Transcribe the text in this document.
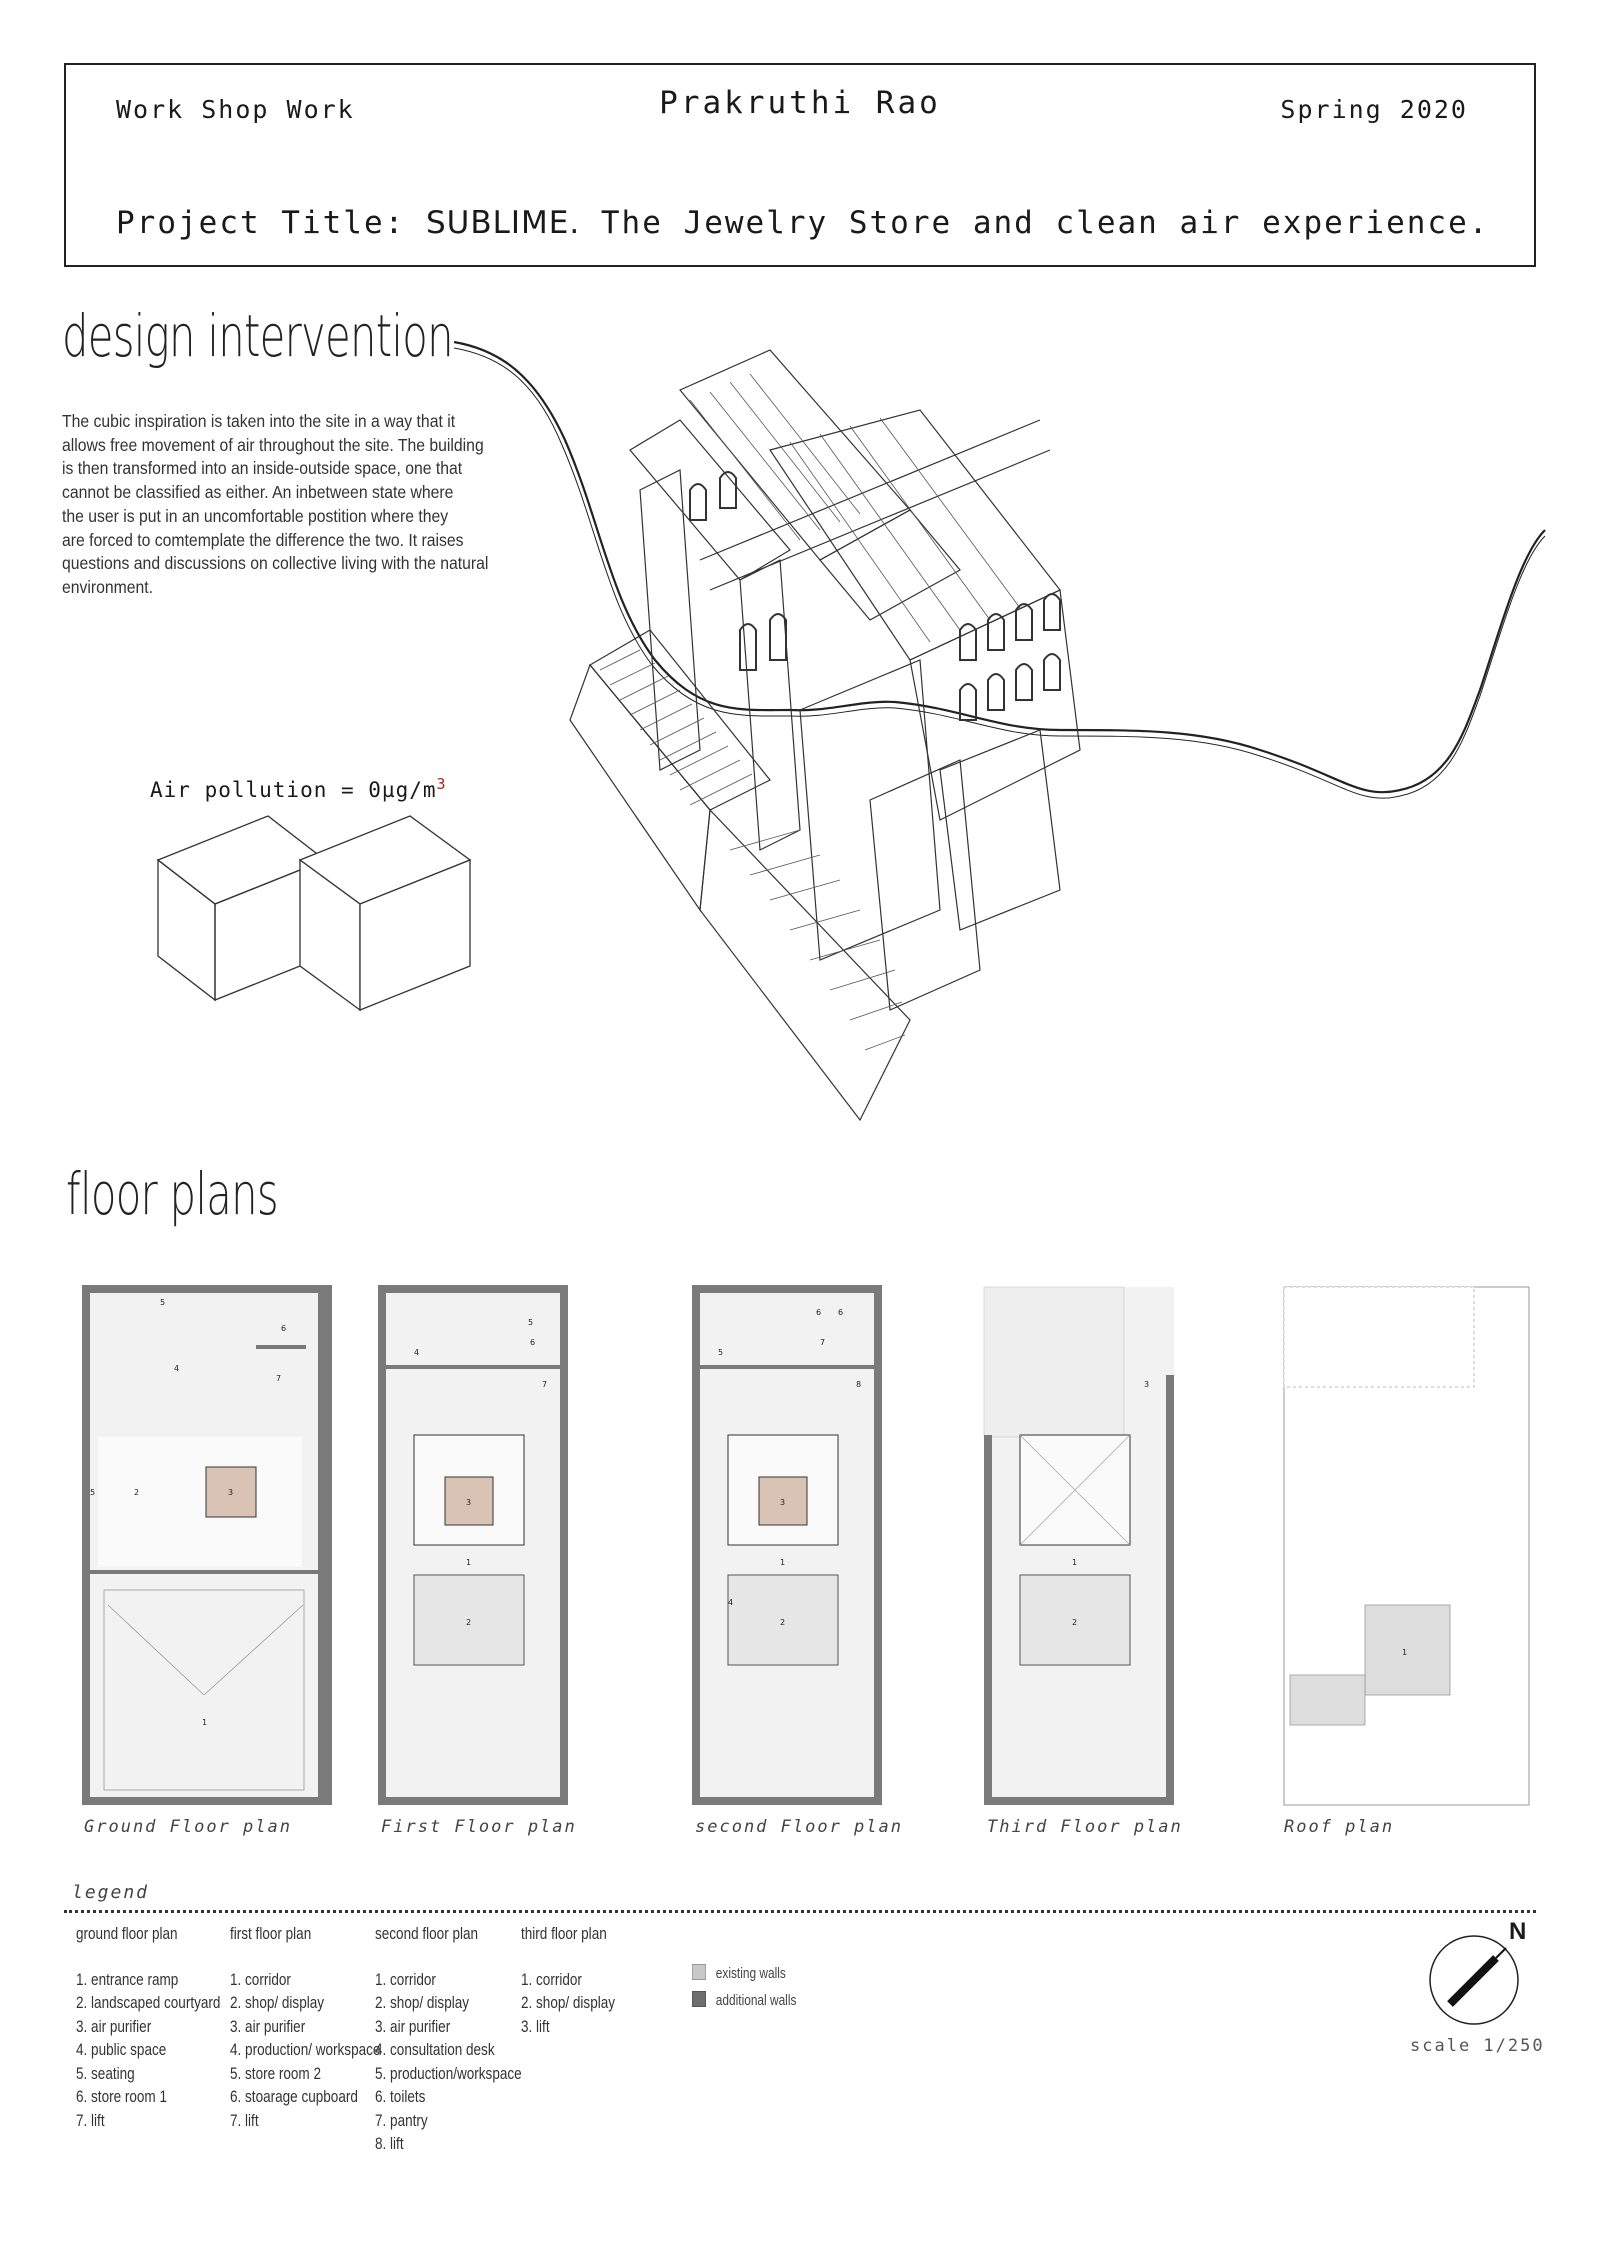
Work Shop Work	Prakruthi Rao	Spring 2020
Project Title: SUBLIME. The Jewelry Store and clean air experience.
design intervention
The cubic inspiration is taken into the site in a way that it
allows free movement of air throughout the site. The building
is then transformed into an inside-outside space, one that
cannot be classified as either. An inbetween state where
the user is put in an uncomfortable postition where they
are forced to comtemplate the difference the two. It raises
questions and discussions on collective living with the natural
environment.
Air pollution = $0\mu g/m^3$
floor plans
5
6
4
7
3
2
5
1
5
6
4
7
3
1
2
6 6
5
7
8
3
1
4
2
3
1
2
1
Ground Floor plan	First Floor plan	second Floor plan	Third Floor plan	Roof plan
legend
ground floor plan
1. entrance ramp
2. landscaped courtyard
3. air purifier
4. public space
5. seating
6. store room 1
7. lift
first floor plan
1. corridor
2. shop/ display
3. air purifier
4. production/ workspace
5. store room 2
6. stoarage cupboard
7. lift
second floor plan
1. corridor
2. shop/ display
3. air purifier
4. consultation desk
5. production/workspace
6. toilets
7. pantry
8. lift
third floor plan
1. corridor
2. shop/ display
3. lift
existing walls
additional walls
N
scale 1/250
